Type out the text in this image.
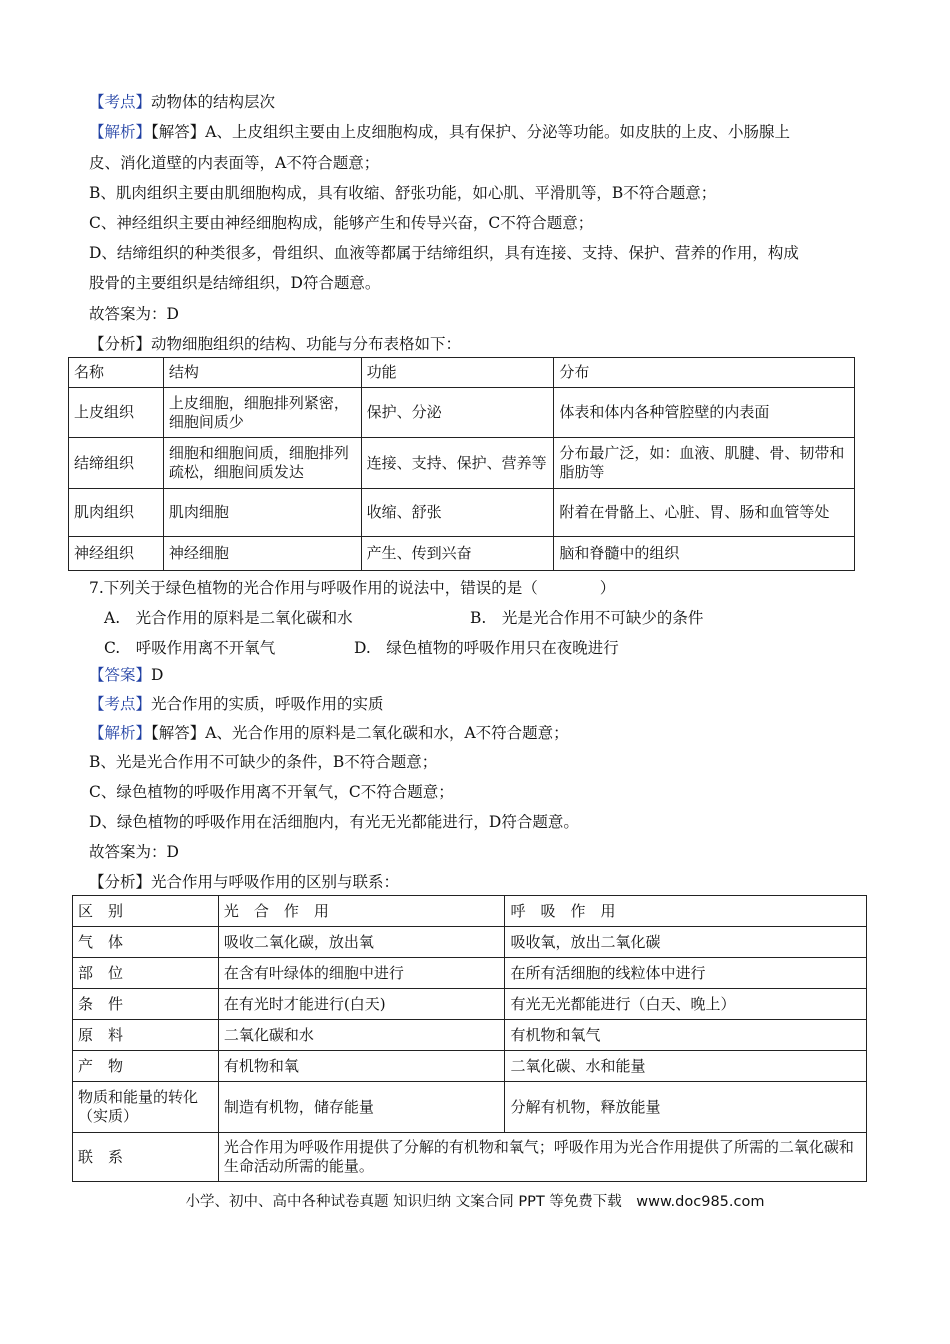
【考点】动物体的结构层次
【解析】【解答】A、上皮组织主要由上皮细胞构成，具有保护、分泌等功能。如皮肤的上皮、小肠腺上
皮、消化道壁的内表面等，A不符合题意；
B、肌肉组织主要由肌细胞构成，具有收缩、舒张功能，如心肌、平滑肌等，B不符合题意；
C、神经组织主要由神经细胞构成，能够产生和传导兴奋，C不符合题意；
D、结缔组织的种类很多，骨组织、血液等都属于结缔组织，具有连接、支持、保护、营养的作用，构成
股骨的主要组织是结缔组织，D符合题意。
故答案为：D
【分析】动物细胞组织的结构、功能与分布表格如下：
名称	结构	功能	分布
上皮组织	上皮细胞，细胞排列紧密，细胞间质少	保护、分泌	体表和体内各种管腔壁的内表面
结缔组织	细胞和细胞间质，细胞排列疏松，细胞间质发达	连接、支持、保护、营养等	分布最广泛，如：血液、肌腱、骨、韧带和脂肪等
肌肉组织	肌肉细胞	收缩、舒张	附着在骨骼上、心脏、胃、肠和血管等处
神经组织	神经细胞	产生、传到兴奋	脑和脊髓中的组织
7.下列关于绿色植物的光合作用与呼吸作用的说法中，错误的是（　　　　）
A.　光合作用的原料是二氧化碳和水	B.　光是光合作用不可缺少的条件
C.　呼吸作用离不开氧气	D.　绿色植物的呼吸作用只在夜晚进行
【答案】D
【考点】光合作用的实质，呼吸作用的实质
【解析】【解答】A、光合作用的原料是二氧化碳和水，A不符合题意；
B、光是光合作用不可缺少的条件，B不符合题意；
C、绿色植物的呼吸作用离不开氧气，C不符合题意；
D、绿色植物的呼吸作用在活细胞内，有光无光都能进行，D符合题意。
故答案为：D
【分析】光合作用与呼吸作用的区别与联系：
区　别	光　合　作　用	呼　吸　作　用
气　体	吸收二氧化碳，放出氧	吸收氧，放出二氧化碳
部　位	在含有叶绿体的细胞中进行	在所有活细胞的线粒体中进行
条　件	在有光时才能进行(白天)	有光无光都能进行（白天、晚上）
原　料	二氧化碳和水	有机物和氧气
产　物	有机物和氧	二氧化碳、水和能量
物质和能量的转化（实质）	制造有机物，储存能量	分解有机物，释放能量
联　系	光合作用为呼吸作用提供了分解的有机物和氧气；呼吸作用为光合作用提供了所需的二氧化碳和生命活动所需的能量。	
小学、初中、高中各种试卷真题 知识归纳 文案合同 PPT 等免费下载　www.doc985.com
